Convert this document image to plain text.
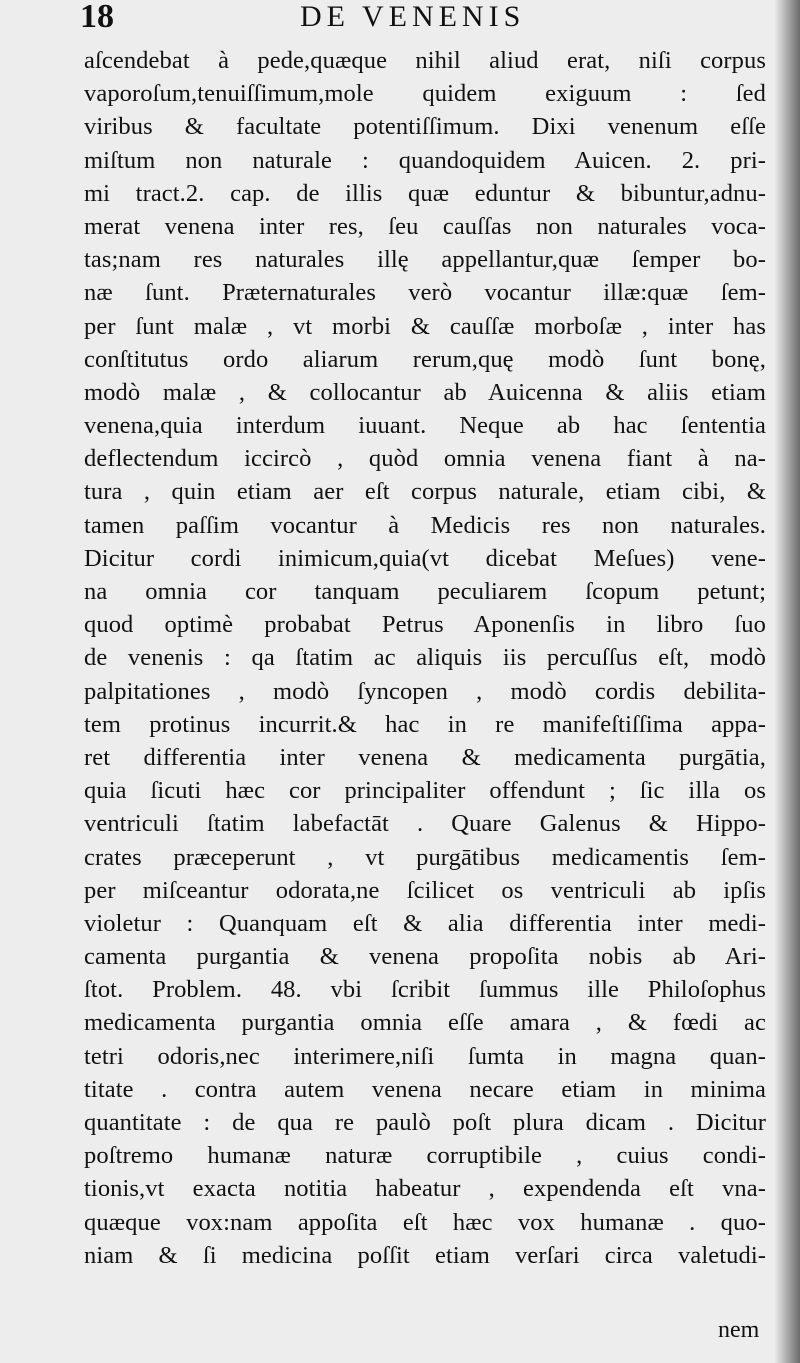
18	DE VENENIS
aſcendebat à pede,quæque nihil aliud erat, niſi corpus
vaporoſum,tenuiſſimum,mole quidem exiguum : ſed
viribus & facultate potentiſſimum. Dixi venenum eſſe
miſtum non naturale : quandoquidem Auicen. 2. pri-
mi tract.2. cap. de illis quæ eduntur & bibuntur,adnu-
merat venena inter res, ſeu cauſſas non naturales voca-
tas;nam res naturales illę appellantur,quæ ſemper bo-
næ ſunt. Præternaturales verò vocantur illæ:quæ ſem-
per ſunt malæ , vt morbi & cauſſæ morboſæ , inter has
conſtitutus ordo aliarum rerum,quę modò ſunt bonę,
modò malæ , & collocantur ab Auicenna & aliis etiam
venena,quia interdum iuuant. Neque ab hac ſententia
deflectendum iccircò , quòd omnia venena fiant à na-
tura , quin etiam aer eſt corpus naturale, etiam cibi, &
tamen paſſim vocantur à Medicis res non naturales.
Dicitur cordi inimicum,quia(vt dicebat Meſues) vene-
na omnia cor tanquam peculiarem ſcopum petunt;
quod optimè probabat Petrus Aponenſis in libro ſuo
de venenis : qa ſtatim ac aliquis iis percuſſus eſt, modò
palpitationes , modò ſyncopen , modò cordis debilita-
tem protinus incurrit.& hac in re manifeſtiſſima appa-
ret differentia inter venena & medicamenta purgātia,
quia ſicuti hæc cor principaliter offendunt ; ſic illa os
ventriculi ſtatim labefactāt . Quare Galenus & Hippo-
crates præceperunt , vt purgātibus medicamentis ſem-
per miſceantur odorata,ne ſcilicet os ventriculi ab ipſis
violetur : Quanquam eſt & alia differentia inter medi-
camenta purgantia & venena propoſita nobis ab Ari-
ſtot. Problem. 48. vbi ſcribit ſummus ille Philoſophus
medicamenta purgantia omnia eſſe amara , & fœdi ac
tetri odoris,nec interimere,niſi ſumta in magna quan-
titate . contra autem venena necare etiam in minima
quantitate : de qua re paulò poſt plura dicam . Dicitur
poſtremo humanæ naturæ corruptibile , cuius condi-
tionis,vt exacta notitia habeatur , expendenda eſt vna-
quæque vox:nam appoſita eſt hæc vox humanæ . quo-
niam & ſi medicina poſſit etiam verſari circa valetudi-
nem
